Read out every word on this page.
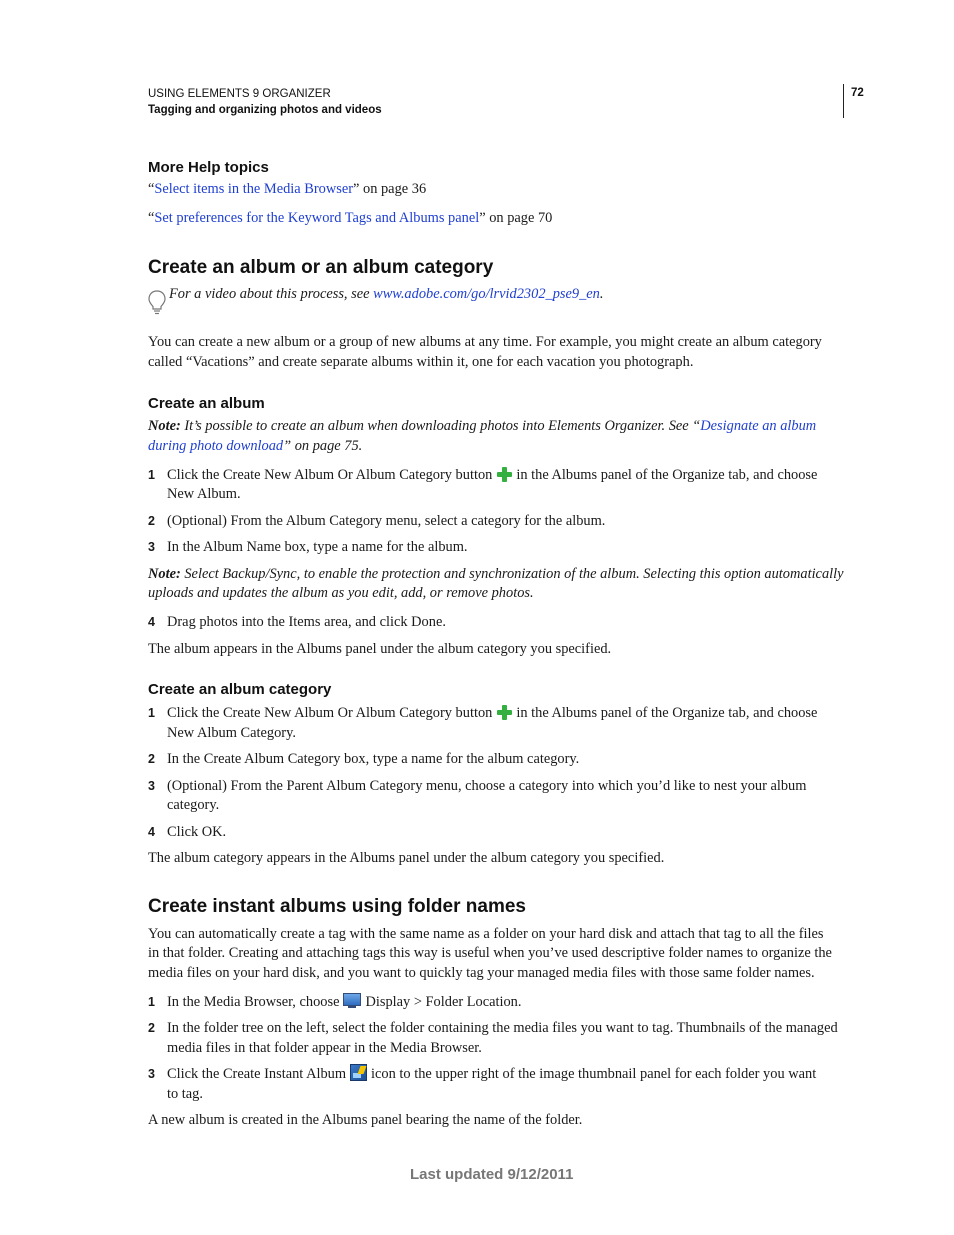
USING ELEMENTS 9 ORGANIZER
Tagging and organizing photos and videos
72
More Help topics
“Select items in the Media Browser” on page 36
“Set preferences for the Keyword Tags and Albums panel” on page 70
Create an album or an album category
For a video about this process, see www.adobe.com/go/lrvid2302_pse9_en.
You can create a new album or a group of new albums at any time. For example, you might create an album category
called “Vacations” and create separate albums within it, one for each vacation you photograph.
Create an album
Note: It’s possible to create an album when downloading photos into Elements Organizer. See “Designate an album
during photo download” on page 75.
1 Click the Create New Album Or Album Category button in the Albums panel of the Organize tab, and choose
New Album.
2 (Optional) From the Album Category menu, select a category for the album.
3 In the Album Name box, type a name for the album.
Note: Select Backup/Sync, to enable the protection and synchronization of the album. Selecting this option automatically
uploads and updates the album as you edit, add, or remove photos.
4 Drag photos into the Items area, and click Done.
The album appears in the Albums panel under the album category you specified.
Create an album category
1 Click the Create New Album Or Album Category button in the Albums panel of the Organize tab, and choose
New Album Category.
2 In the Create Album Category box, type a name for the album category.
3 (Optional) From the Parent Album Category menu, choose a category into which you’d like to nest your album
category.
4 Click OK.
The album category appears in the Albums panel under the album category you specified.
Create instant albums using folder names
You can automatically create a tag with the same name as a folder on your hard disk and attach that tag to all the files
in that folder. Creating and attaching tags this way is useful when you’ve used descriptive folder names to organize the
media files on your hard disk, and you want to quickly tag your managed media files with those same folder names.
1 In the Media Browser, choose Display > Folder Location.
2 In the folder tree on the left, select the folder containing the media files you want to tag. Thumbnails of the managed
media files in that folder appear in the Media Browser.
3 Click the Create Instant Album icon to the upper right of the image thumbnail panel for each folder you want
to tag.
A new album is created in the Albums panel bearing the name of the folder.
Last updated 9/12/2011
